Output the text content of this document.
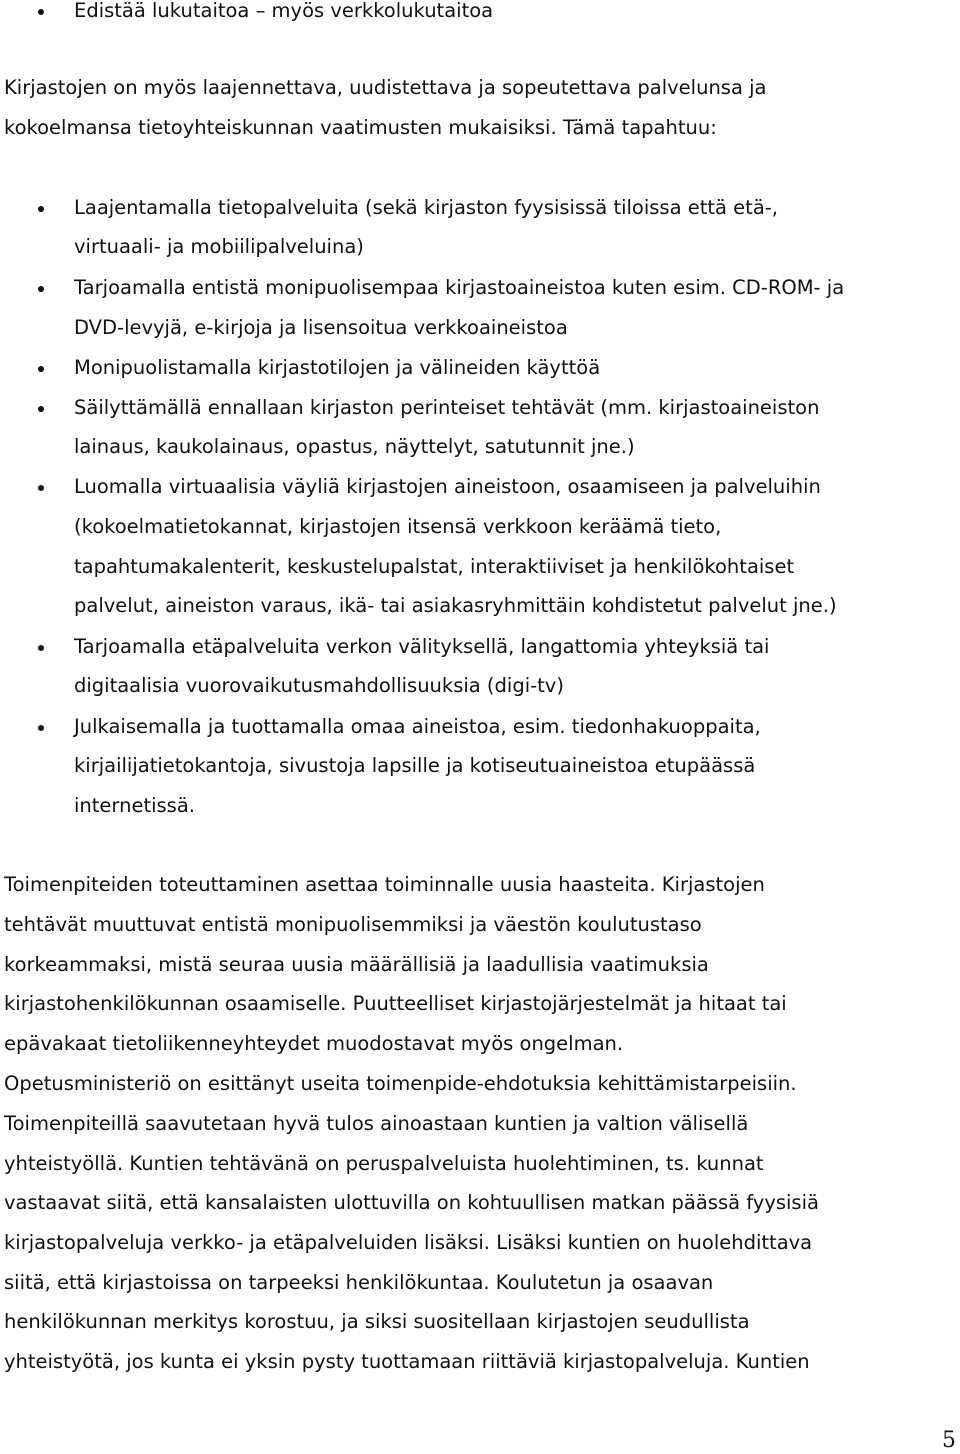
Edistää lukutaitoa – myös verkkolukutaitoa
Kirjastojen on myös laajennettava, uudistettava ja sopeutettava palvelunsa ja
kokoelmansa tietoyhteiskunnan vaatimusten mukaisiksi. Tämä tapahtuu:
Laajentamalla tietopalveluita (sekä kirjaston fyysisissä tiloissa että etä-,
virtuaali- ja mobiilipalveluina)
Tarjoamalla entistä monipuolisempaa kirjastoaineistoa kuten esim. CD-ROM- ja
DVD-levyjä, e-kirjoja ja lisensoitua verkkoaineistoa
Monipuolistamalla kirjastotilojen ja välineiden käyttöä
Säilyttämällä ennallaan kirjaston perinteiset tehtävät (mm. kirjastoaineiston
lainaus, kaukolainaus, opastus, näyttelyt, satutunnit jne.)
Luomalla virtuaalisia väyliä kirjastojen aineistoon, osaamiseen ja palveluihin
(kokoelmatietokannat, kirjastojen itsensä verkkoon keräämä tieto,
tapahtumakalenterit, keskustelupalstat, interaktiiviset ja henkilökohtaiset
palvelut, aineiston varaus, ikä- tai asiakasryhmittäin kohdistetut palvelut jne.)
Tarjoamalla etäpalveluita verkon välityksellä, langattomia yhteyksiä tai
digitaalisia vuorovaikutusmahdollisuuksia (digi-tv)
Julkaisemalla ja tuottamalla omaa aineistoa, esim. tiedonhakuoppaita,
kirjailijatietokantoja, sivustoja lapsille ja kotiseutuaineistoa etupäässä
internetissä.
Toimenpiteiden toteuttaminen asettaa toiminnalle uusia haasteita. Kirjastojen
tehtävät muuttuvat entistä monipuolisemmiksi ja väestön koulutustaso
korkeammaksi, mistä seuraa uusia määrällisiä ja laadullisia vaatimuksia
kirjastohenkilökunnan osaamiselle. Puutteelliset kirjastojärjestelmät ja hitaat tai
epävakaat tietoliikenneyhteydet muodostavat myös ongelman.
Opetusministeriö on esittänyt useita toimenpide-ehdotuksia kehittämistarpeisiin.
Toimenpiteillä saavutetaan hyvä tulos ainoastaan kuntien ja valtion välisellä
yhteistyöllä. Kuntien tehtävänä on peruspalveluista huolehtiminen, ts. kunnat
vastaavat siitä, että kansalaisten ulottuvilla on kohtuullisen matkan päässä fyysisiä
kirjastopalveluja verkko- ja etäpalveluiden lisäksi. Lisäksi kuntien on huolehdittava
siitä, että kirjastoissa on tarpeeksi henkilökuntaa. Koulutetun ja osaavan
henkilökunnan merkitys korostuu, ja siksi suositellaan kirjastojen seudullista
yhteistyötä, jos kunta ei yksin pysty tuottamaan riittäviä kirjastopalveluja. Kuntien
5
